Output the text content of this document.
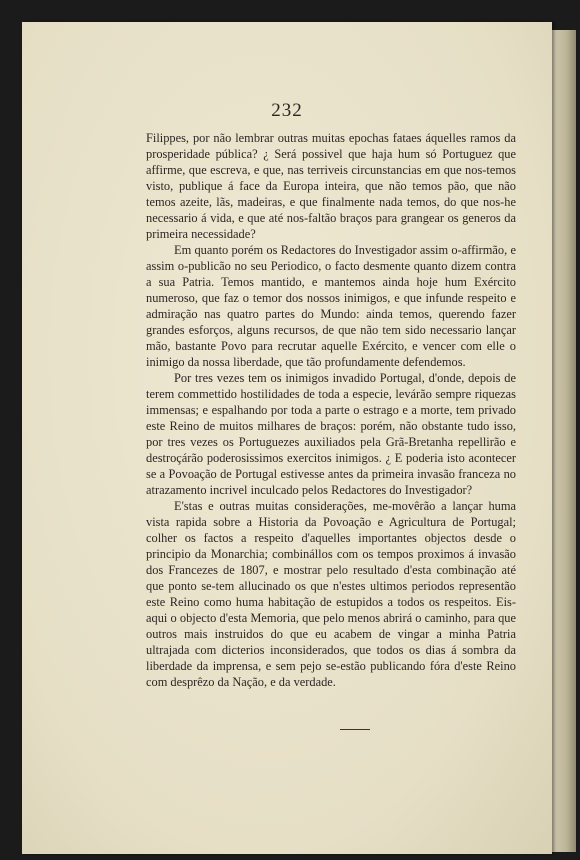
232

Filippes, por não lembrar outras muitas epochas fataes áquelles ramos da prosperidade pública? ¿ Será possivel que haja hum só Portuguez que affirme, que escreva, e que, nas terriveis circunstancias em que nos-temos visto, publique á face da Europa inteira, que não temos pão, que não temos azeite, lãs, madeiras, e que finalmente nada temos, do que nos-he necessario á vida, e que até nos-faltão braços para grangear os generos da primeira necessidade?

Em quanto porém os Redactores do Investigador assim o-affirmão, e assim o-publicão no seu Periodico, o facto desmente quanto dizem contra a sua Patria. Temos mantido, e mantemos ainda hoje hum Exército numeroso, que faz o temor dos nossos inimigos, e que infunde respeito e admiração nas quatro partes do Mundo: ainda temos, querendo fazer grandes esforços, alguns recursos, de que não tem sido necessario lançar mão, bastante Povo para recrutar aquelle Exército, e vencer com elle o inimigo da nossa liberdade, que tão profundamente defendemos.

Por tres vezes tem os inimigos invadido Portugal, d'onde, depois de terem commettido hostilidades de toda a especie, levárão sempre riquezas immensas; e espalhando por toda a parte o estrago e a morte, tem privado este Reino de muitos milhares de braços: porém, não obstante tudo isso, por tres vezes os Portuguezes auxiliados pela Grã-Bretanha repellirão e destroçárão poderosissimos exercitos inimigos. ¿ E poderia isto acontecer se a Povoação de Portugal estivesse antes da primeira invasão franceza no atrazamento incrivel inculcado pelos Redactores do Investigador?

E'stas e outras muitas considerações, me-movêrão a lançar huma vista rapida sobre a Historia da Povoação e Agricultura de Portugal; colher os factos a respeito d'aquelles importantes objectos desde o principio da Monarchia; combinállos com os tempos proximos á invasão dos Francezes de 1807, e mostrar pelo resultado d'esta combinação até que ponto se-tem allucinado os que n'estes ultimos periodos representão este Reino como huma habitação de estupidos a todos os respeitos. Eis-aqui o objecto d'esta Memoria, que pelo menos abrirá o caminho, para que outros mais instruidos do que eu acabem de vingar a minha Patria ultrajada com dicterios inconsiderados, que todos os dias á sombra da liberdade da imprensa, e sem pejo se-estão publicando fóra d'este Reino com desprêzo da Nação, e da verdade.
